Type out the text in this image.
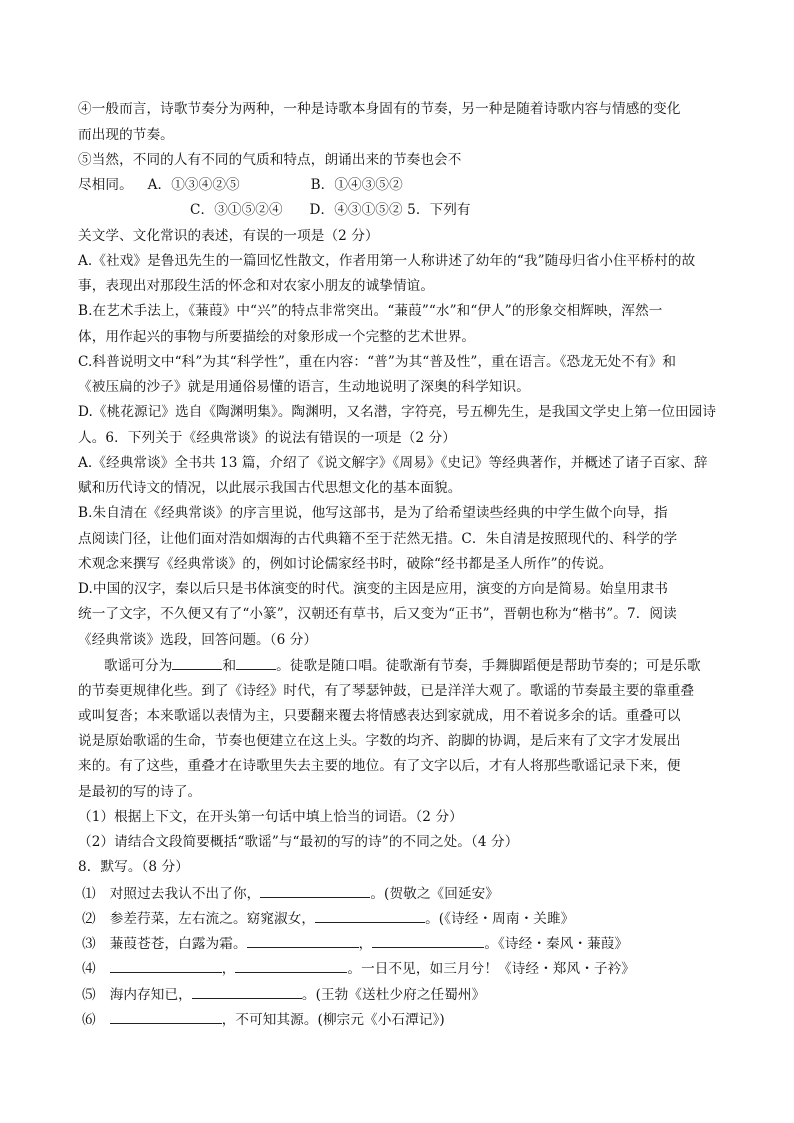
④一般而言，诗歌节奏分为两种，一种是诗歌本身固有的节奏，另一种是随着诗歌内容与情感的变化
而出现的节奏。
⑤当然，不同的人有不同的气质和特点，朗诵出来的节奏也会不
尽相同。 A．①③④②⑤	B．①④③⑤②
C．③①⑤②④ D．④③①⑤② 5．下列有
关文学、文化常识的表述，有误的一项是（2 分）
A.《社戏》是鲁迅先生的一篇回忆性散文，作者用第一人称讲述了幼年的“我”随母归省小住平桥村的故
事，表现出对那段生活的怀念和对农家小朋友的诚挚情谊。
B.在艺术手法上，《蒹葭》中“兴”的特点非常突出。“蒹葭”“水”和“伊人”的形象交相辉映，浑然一
体，用作起兴的事物与所要描绘的对象形成一个完整的艺术世界。
C.科普说明文中“科”为其“科学性”，重在内容：“普”为其“普及性”，重在语言。《恐龙无处不有》和
《被压扁的沙子》就是用通俗易懂的语言，生动地说明了深奥的科学知识。
D.《桃花源记》选自《陶渊明集》。陶渊明，又名潜，字符亮，号五柳先生，是我国文学史上第一位田园诗
人。6．下列关于《经典常谈》的说法有错误的一项是（2 分）
A.《经典常谈》全书共 13 篇，介绍了《说文解字》《周易》《史记》等经典著作，并概述了诸子百家、辞
赋和历代诗文的情况，以此展示我国古代思想文化的基本面貌。
B.朱自清在《经典常谈》的序言里说，他写这部书，是为了给希望读些经典的中学生做个向导，指
点阅读门径，让他们面对浩如烟海的古代典籍不至于茫然无措。C．朱自清是按照现代的、科学的学
术观念来撰写《经典常谈》的，例如讨论儒家经书时，破除“经书都是圣人所作”的传说。
D.中国的汉字，秦以后只是书体演变的时代。演变的主因是应用，演变的方向是简易。始皇用隶书
统一了文字，不久便又有了“小篆”，汉朝还有草书，后又变为“正书”，晋朝也称为“楷书”。7．阅读
《经典常谈》选段，回答问题。（6 分）
歌谣可分为	和	。徒歌是随口唱。徒歌渐有节奏，手舞脚蹈便是帮助节奏的；可是乐歌
的节奏更规律化些。到了《诗经》时代，有了琴瑟钟鼓，已是洋洋大观了。歌谣的节奏最主要的靠重叠
或叫复沓；本来歌谣以表情为主，只要翻来覆去将情感表达到家就成，用不着说多余的话。重叠可以
说是原始歌谣的生命，节奏也便建立在这上头。字数的均齐、韵脚的协调，是后来有了文字才发展出
来的。有了这些，重叠才在诗歌里失去主要的地位。有了文字以后，才有人将那些歌谣记录下来，便
是最初的写的诗了。
（1）根据上下文，在开头第一句话中填上恰当的词语。（2 分）
（2）请结合文段简要概括“歌谣”与“最初的写的诗”的不同之处。（4 分）
8．默写。（8 分）
⑴ 对照过去我认不出了你，	。(贺敬之《回延安》
⑵ 参差荇菜，左右流之。窈窕淑女，	。(《诗经・周南・关雎》
⑶ 蒹葭苍苍，白露为霜。	，	。《诗经・秦风・蒹葭》
⑷	，	。一日不见，如三月兮！《诗经・郑风・子衿》
⑸ 海内存知已，	。(王勃《送杜少府之任蜀州》
⑹	，不可知其源。(柳宗元《小石潭记》)
